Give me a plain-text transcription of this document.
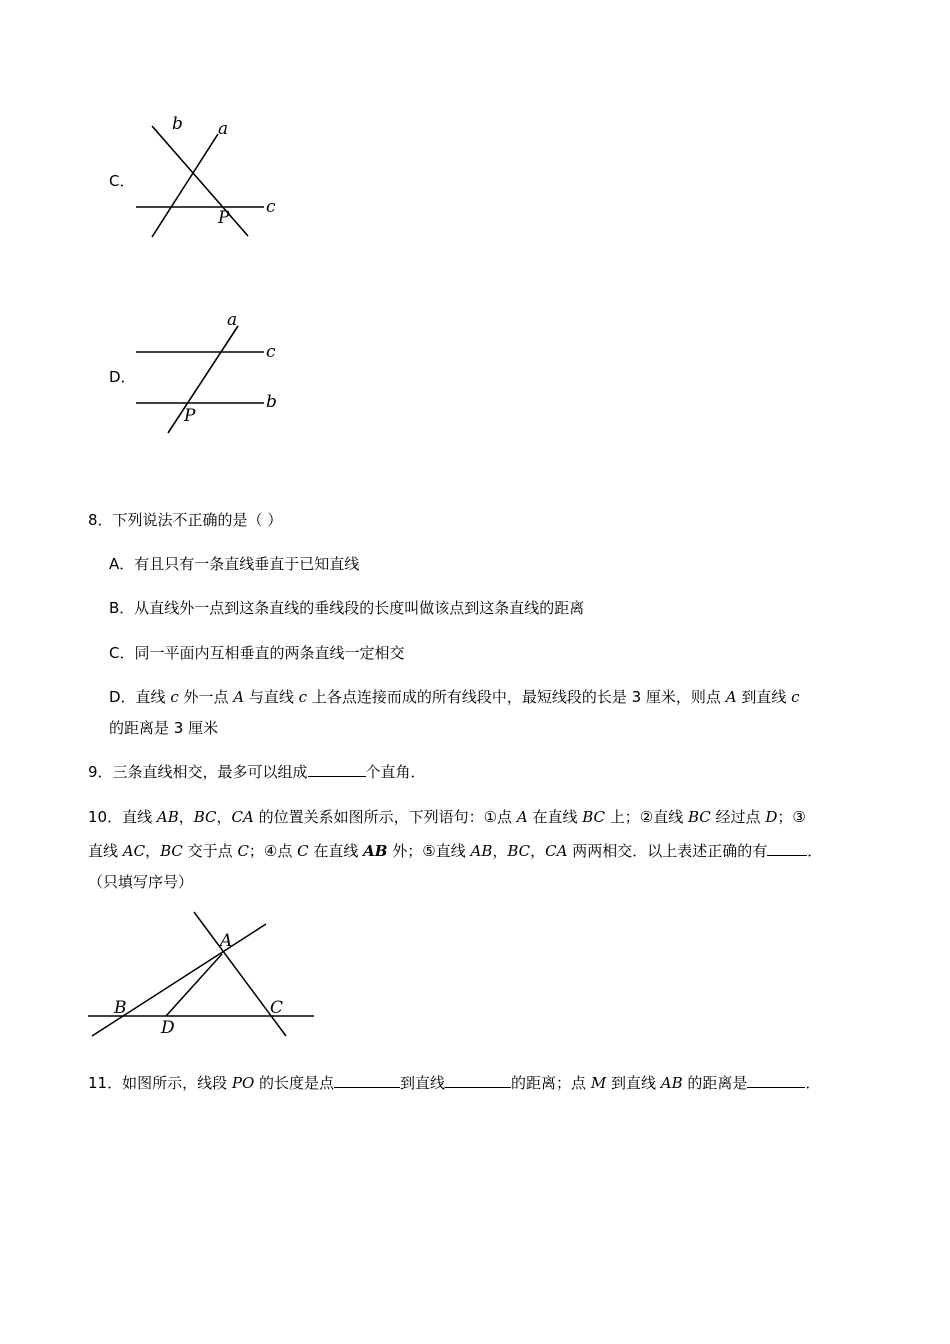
C．
b a
c
P
D．
a
c
b
P
8．下列说法不正确的是（ ）
A．有且只有一条直线垂直于已知直线
B．从直线外一点到这条直线的垂线段的长度叫做该点到这条直线的距离
C．同一平面内互相垂直的两条直线一定相交
D．直线 c 外一点 A 与直线 c 上各点连接而成的所有线段中，最短线段的长是 3 厘米，则点 A 到直线 c
的距离是 3 厘米
9．三条直线相交，最多可以组成	个直角．
10．直线 AB，BC，CA 的位置关系如图所示，下列语句：①点 A 在直线 BC 上；②直线 BC 经过点 D；③
直线 AC，BC 交于点 C；④点 C 在直线 AB 外；⑤直线 AB，BC，CA 两两相交．以上表述正确的有	．
（只填写序号）
A
B	C
D
11．如图所示，线段 PO 的长度是点	到直线	的距离；点 M 到直线 AB 的距离是	．
